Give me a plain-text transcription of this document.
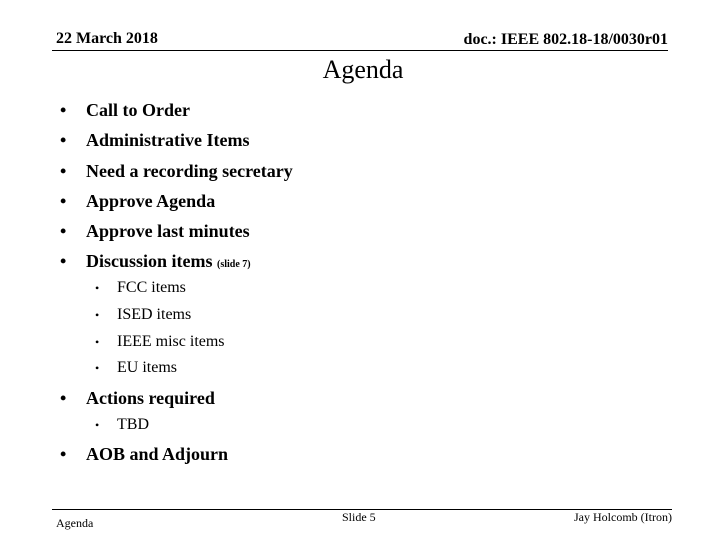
22 March 2018	doc.: IEEE 802.18-18/0030r01
Agenda
• Call to Order
• Administrative Items
• Need a recording secretary
• Approve Agenda
• Approve last minutes
• Discussion items (slide 7)
• FCC items
• ISED items
• IEEE misc items
• EU items
• Actions required
• TBD
• AOB and Adjourn
Agenda	Slide 5	Jay Holcomb (Itron)
